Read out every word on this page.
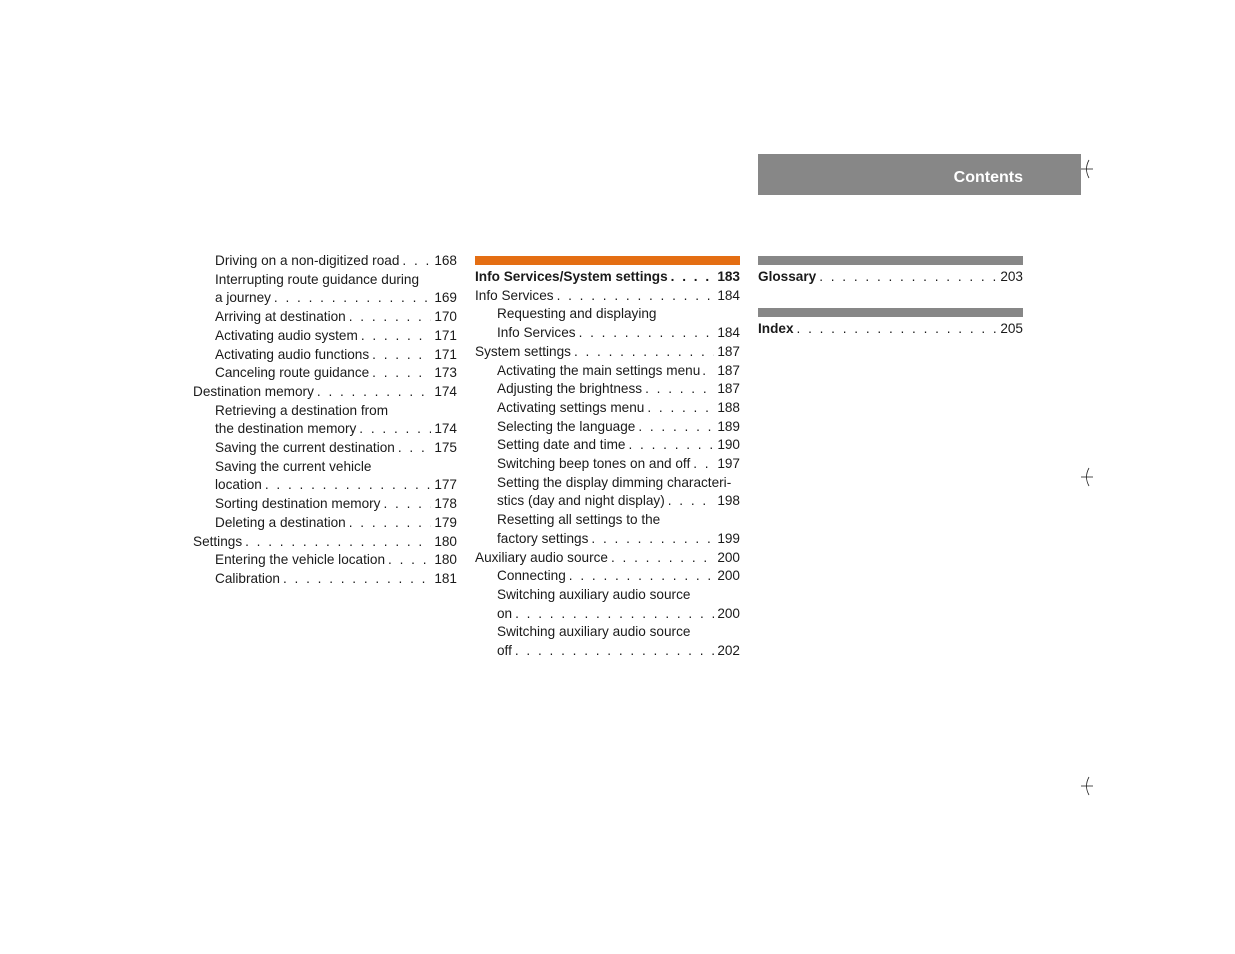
Contents
Driving on a non-digitized road . . .	168
Interrupting route guidance during
a journey . . .	169
Arriving at destination . . .	170
Activating audio system . . .	171
Activating audio functions . . .	171
Canceling route guidance . . .	173
Destination memory . . .	174
Retrieving a destination from
the destination memory . . .	174
Saving the current destination . . .	175
Saving the current vehicle
location . . .	177
Sorting destination memory . . .	178
Deleting a destination . . .	179
Settings . . .	180
Entering the vehicle location . . .	180
Calibration . . .	181
Info Services/System settings . . .	183
Info Services . . .	184
Requesting and displaying
Info Services . . .	184
System settings . . .	187
Activating the main settings menu . . . 187
Adjusting the brightness . . .	187
Activating settings menu . . .	188
Selecting the language . . .	189
Setting date and time . . .	190
Switching beep tones on and off . . . 197
Setting the display dimming characteri-
stics (day and night display) . . .	198
Resetting all settings to the
factory settings . . .	199
Auxiliary audio source . . .	200
Connecting . . .	200
Switching auxiliary audio source
on . . .	200
Switching auxiliary audio source
off . . .	202
Glossary . . .	203
Index . . .	205
